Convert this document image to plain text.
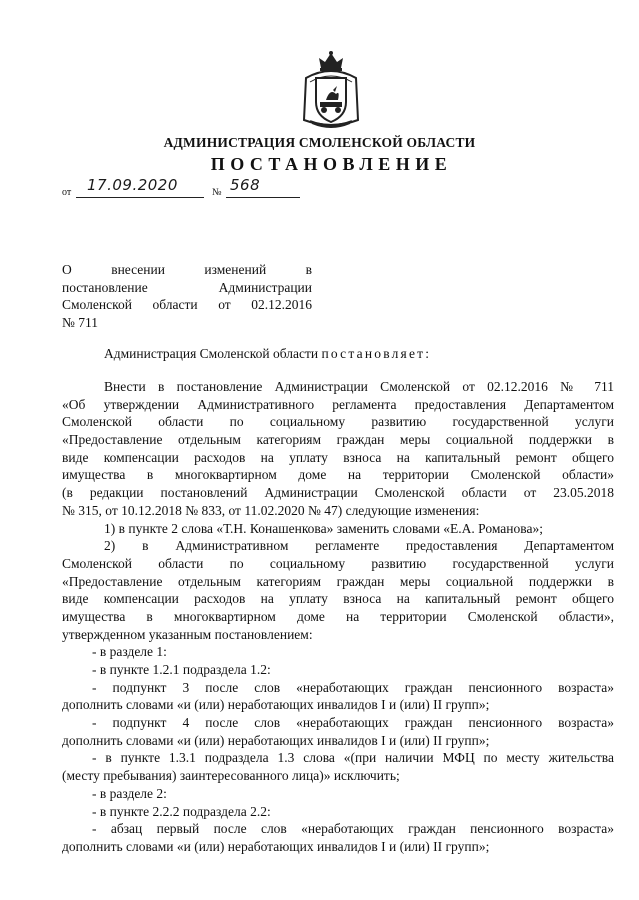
АДМИНИСТРАЦИЯ СМОЛЕНСКОЙ ОБЛАСТИ
ПОСТАНОВЛЕНИЕ
от 17.09.2020	№ 568
О внесении изменений в
постановление Администрации
Смоленской области от 02.12.2016
№ 711
Администрация Смоленской области постановляет:
Внести в постановление Администрации Смоленской от 02.12.2016 № 711
«Об утверждении Административного регламента предоставления Департаментом
Смоленской области по социальному развитию государственной услуги
«Предоставление отдельным категориям граждан меры социальной поддержки в
виде компенсации расходов на уплату взноса на капитальный ремонт общего
имущества в многоквартирном доме на территории Смоленской области»
(в редакции постановлений Администрации Смоленской области от 23.05.2018
№ 315, от 10.12.2018 № 833, от 11.02.2020 № 47) следующие изменения:
1) в пункте 2 слова «Т.Н. Конашенкова» заменить словами «Е.А. Романова»;
2) в Административном регламенте предоставления Департаментом
Смоленской области по социальному развитию государственной услуги
«Предоставление отдельным категориям граждан меры социальной поддержки в
виде компенсации расходов на уплату взноса на капитальный ремонт общего
имущества в многоквартирном доме на территории Смоленской области»,
утвержденном указанным постановлением:
- в разделе 1:
- в пункте 1.2.1 подраздела 1.2:
- подпункт 3 после слов «неработающих граждан пенсионного возраста»
дополнить словами «и (или) неработающих инвалидов I и (или) II групп»;
- подпункт 4 после слов «неработающих граждан пенсионного возраста»
дополнить словами «и (или) неработающих инвалидов I и (или) II групп»;
- в пункте 1.3.1 подраздела 1.3 слова «(при наличии МФЦ по месту жительства
(месту пребывания) заинтересованного лица)» исключить;
- в разделе 2:
- в пункте 2.2.2 подраздела 2.2:
- абзац первый после слов «неработающих граждан пенсионного возраста»
дополнить словами «и (или) неработающих инвалидов I и (или) II групп»;
